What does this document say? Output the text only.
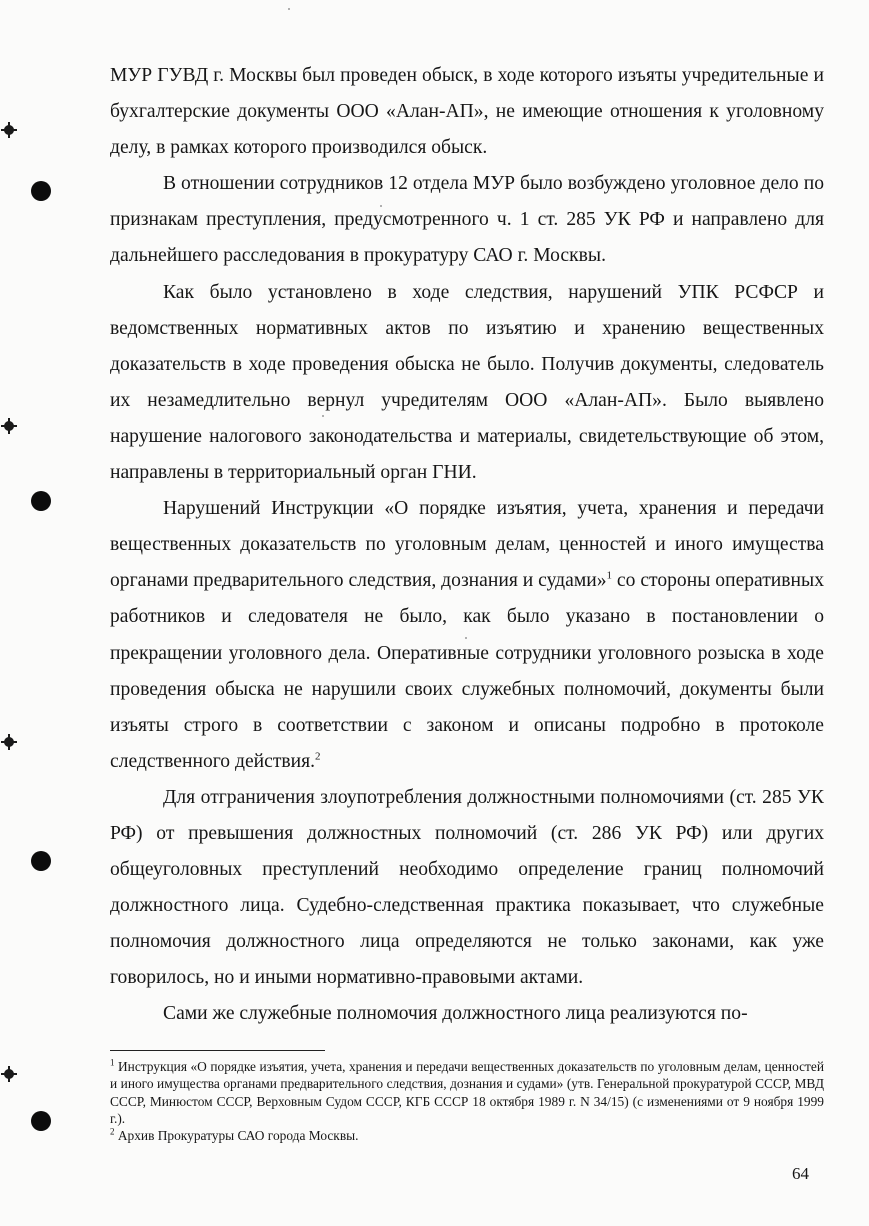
МУР ГУВД г. Москвы был проведен обыск, в ходе которого изъяты учредительные и бухгалтерские документы ООО «Алан-АП», не имеющие отношения к уголовному делу, в рамках которого производился обыск.

В отношении сотрудников 12 отдела МУР было возбуждено уголовное дело по признакам преступления, предусмотренного ч. 1 ст. 285 УК РФ и направлено для дальнейшего расследования в прокуратуру САО г. Москвы.

Как было установлено в ходе следствия, нарушений УПК РСФСР и ведомственных нормативных актов по изъятию и хранению вещественных доказательств в ходе проведения обыска не было. Получив документы, следователь их незамедлительно вернул учредителям ООО «Алан-АП». Было выявлено нарушение налогового законодательства и материалы, свидетельствующие об этом, направлены в территориальный орган ГНИ.

Нарушений Инструкции «О порядке изъятия, учета, хранения и передачи вещественных доказательств по уголовным делам, ценностей и иного имущества органами предварительного следствия, дознания и судами»$^1$ со стороны оперативных работников и следователя не было, как было указано в постановлении о прекращении уголовного дела. Оперативные сотрудники уголовного розыска в ходе проведения обыска не нарушили своих служебных полномочий, документы были изъяты строго в соответствии с законом и описаны подробно в протоколе следственного действия.$^2$

Для отграничения злоупотребления должностными полномочиями (ст. 285 УК РФ) от превышения должностных полномочий (ст. 286 УК РФ) или других общеуголовных преступлений необходимо определение границ полномочий должностного лица. Судебно-следственная практика показывает, что служебные полномочия должностного лица определяются не только законами, как уже говорилось, но и иными нормативно-правовыми актами.

Сами же служебные полномочия должностного лица реализуются по-

$^1$ Инструкция «О порядке изъятия, учета, хранения и передачи вещественных доказательств по уголовным делам, ценностей и иного имущества органами предварительного следствия, дознания и судами» (утв. Генеральной прокуратурой СССР, МВД СССР, Минюстом СССР, Верховным Судом СССР, КГБ СССР 18 октября 1989 г. N 34/15) (с изменениями от 9 ноября 1999 г.).

$^2$ Архив Прокуратуры САО города Москвы.

64
